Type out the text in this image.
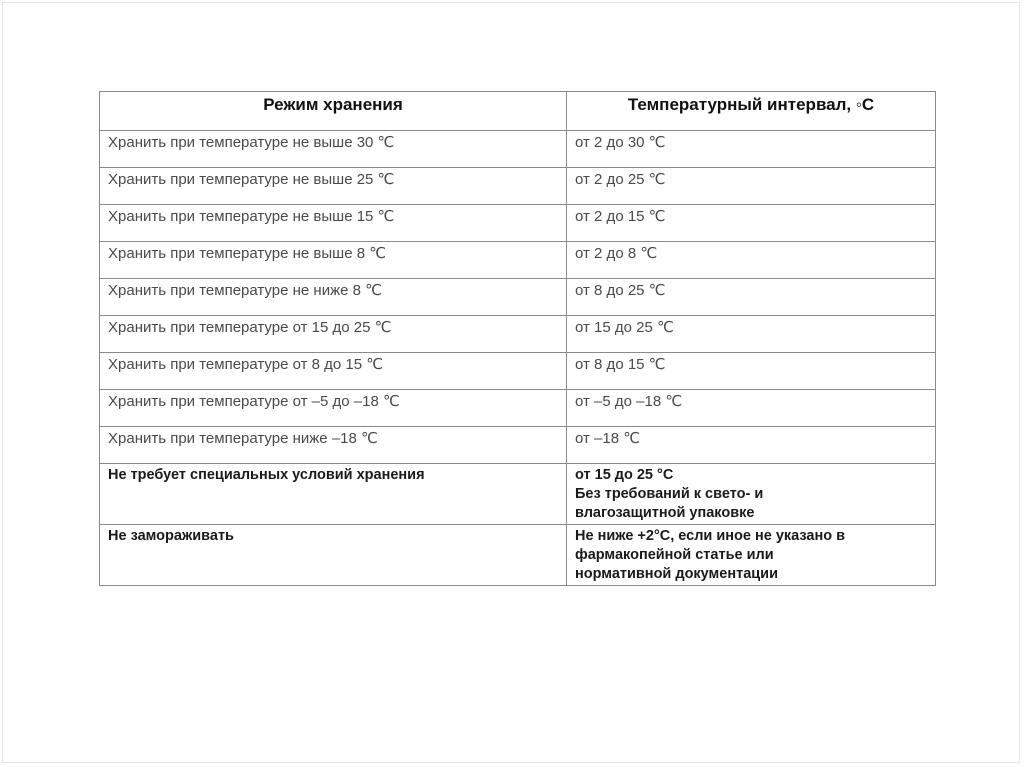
Режим хранения	Температурный интервал, ◦C
Хранить при температуре не выше 30 ℃	от 2 до 30 ℃
Хранить при температуре не выше 25 ℃	от 2 до 25 ℃
Хранить при температуре не выше 15 ℃	от 2 до 15 ℃
Хранить при температуре не выше 8 ℃	от 2 до 8 ℃
Хранить при температуре не ниже 8 ℃	от 8 до 25 ℃
Хранить при температуре от 15 до 25 ℃	от 15 до 25 ℃
Хранить при температуре от 8 до 15 ℃	от 8 до 15 ℃
Хранить при температуре от –5 до –18 ℃	от –5 до –18 ℃
Хранить при температуре ниже –18 ℃	от –18 ℃
Не требует специальных условий хранения	от 15 до 25 °C
Без требований к свето- и
влагозащитной упаковке

Не замораживать	Не ниже +2°C, если иное не указано в
фармакопейной статье или
нормативной документации
